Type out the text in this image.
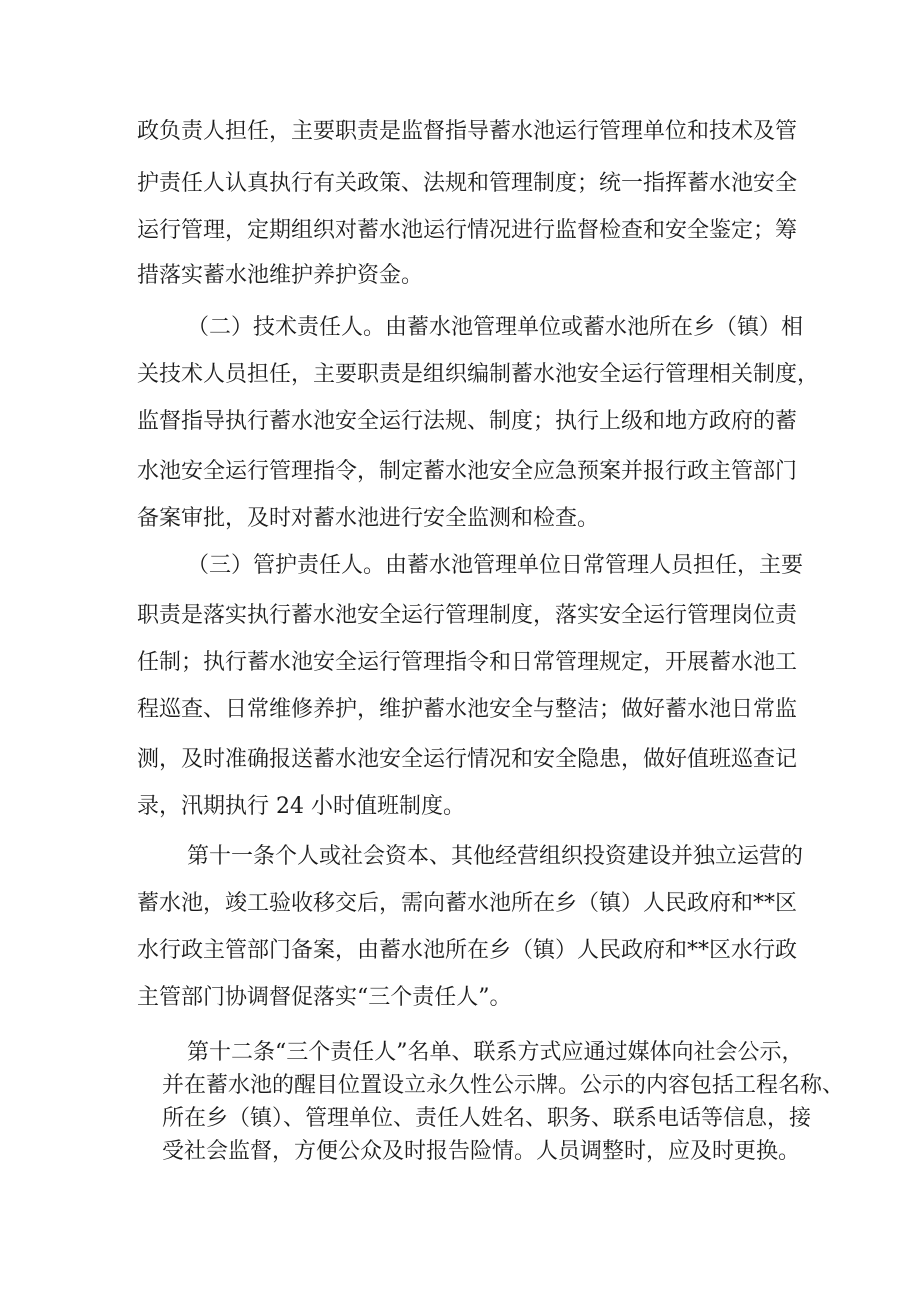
政负责人担任，主要职责是监督指导蓄水池运行管理单位和技术及管
护责任人认真执行有关政策、法规和管理制度；统一指挥蓄水池安全
运行管理，定期组织对蓄水池运行情况进行监督检查和安全鉴定；筹
措落实蓄水池维护养护资金。
（二）技术责任人。由蓄水池管理单位或蓄水池所在乡（镇）相
关技术人员担任，主要职责是组织编制蓄水池安全运行管理相关制度，
监督指导执行蓄水池安全运行法规、制度；执行上级和地方政府的蓄
水池安全运行管理指令，制定蓄水池安全应急预案并报行政主管部门
备案审批，及时对蓄水池进行安全监测和检查。
（三）管护责任人。由蓄水池管理单位日常管理人员担任，主要
职责是落实执行蓄水池安全运行管理制度，落实安全运行管理岗位责
任制；执行蓄水池安全运行管理指令和日常管理规定，开展蓄水池工
程巡查、日常维修养护，维护蓄水池安全与整洁；做好蓄水池日常监
测，及时准确报送蓄水池安全运行情况和安全隐患，做好值班巡查记
录，汛期执行 24 小时值班制度。
第十一条个人或社会资本、其他经营组织投资建设并独立运营的
蓄水池，竣工验收移交后，需向蓄水池所在乡（镇）人民政府和**区
水行政主管部门备案，由蓄水池所在乡（镇）人民政府和**区水行政
主管部门协调督促落实“三个责任人”。
第十二条“三个责任人”名单、联系方式应通过媒体向社会公示，
并在蓄水池的醒目位置设立永久性公示牌。公示的内容包括工程名称、
所在乡（镇）、管理单位、责任人姓名、职务、联系电话等信息，接
受社会监督，方便公众及时报告险情。人员调整时，应及时更换。
